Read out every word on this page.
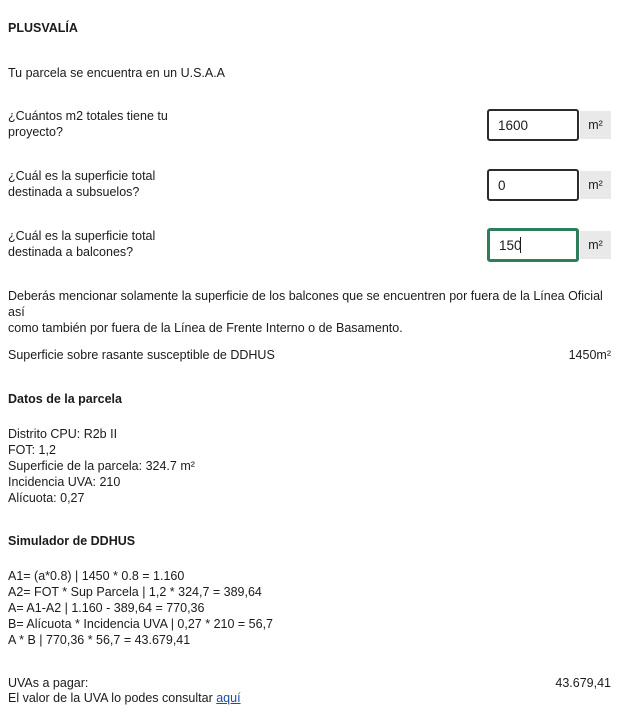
PLUSVALÍA
Tu parcela se encuentra en un U.S.A.A
¿Cuántos m2 totales tiene tu
proyecto?
1600	m²
¿Cuál es la superficie total
destinada a subsuelos?
0	m²
¿Cuál es la superficie total
destinada a balcones?
150	m²
Deberás mencionar solamente la superficie de los balcones que se encuentren por fuera de la Línea Oficial así
como también por fuera de la Línea de Frente Interno o de Basamento.
Superficie sobre rasante susceptible de DDHUS	1450m²
Datos de la parcela
Distrito CPU: R2b II
FOT: 1,2
Superficie de la parcela: 324.7 m²
Incidencia UVA: 210
Alícuota: 0,27
Simulador de DDHUS
A1= (a*0.8) | 1450 * 0.8 = 1.160
A2= FOT * Sup Parcela | 1,2 * 324,7 = 389,64
A= A1-A2 | 1.160 - 389,64 = 770,36
B= Alícuota * Incidencia UVA | 0,27 * 210 = 56,7
A * B | 770,36 * 56,7 = 43.679,41
UVAs a pagar:	43.679,41
El valor de la UVA lo podes consultar aquí
